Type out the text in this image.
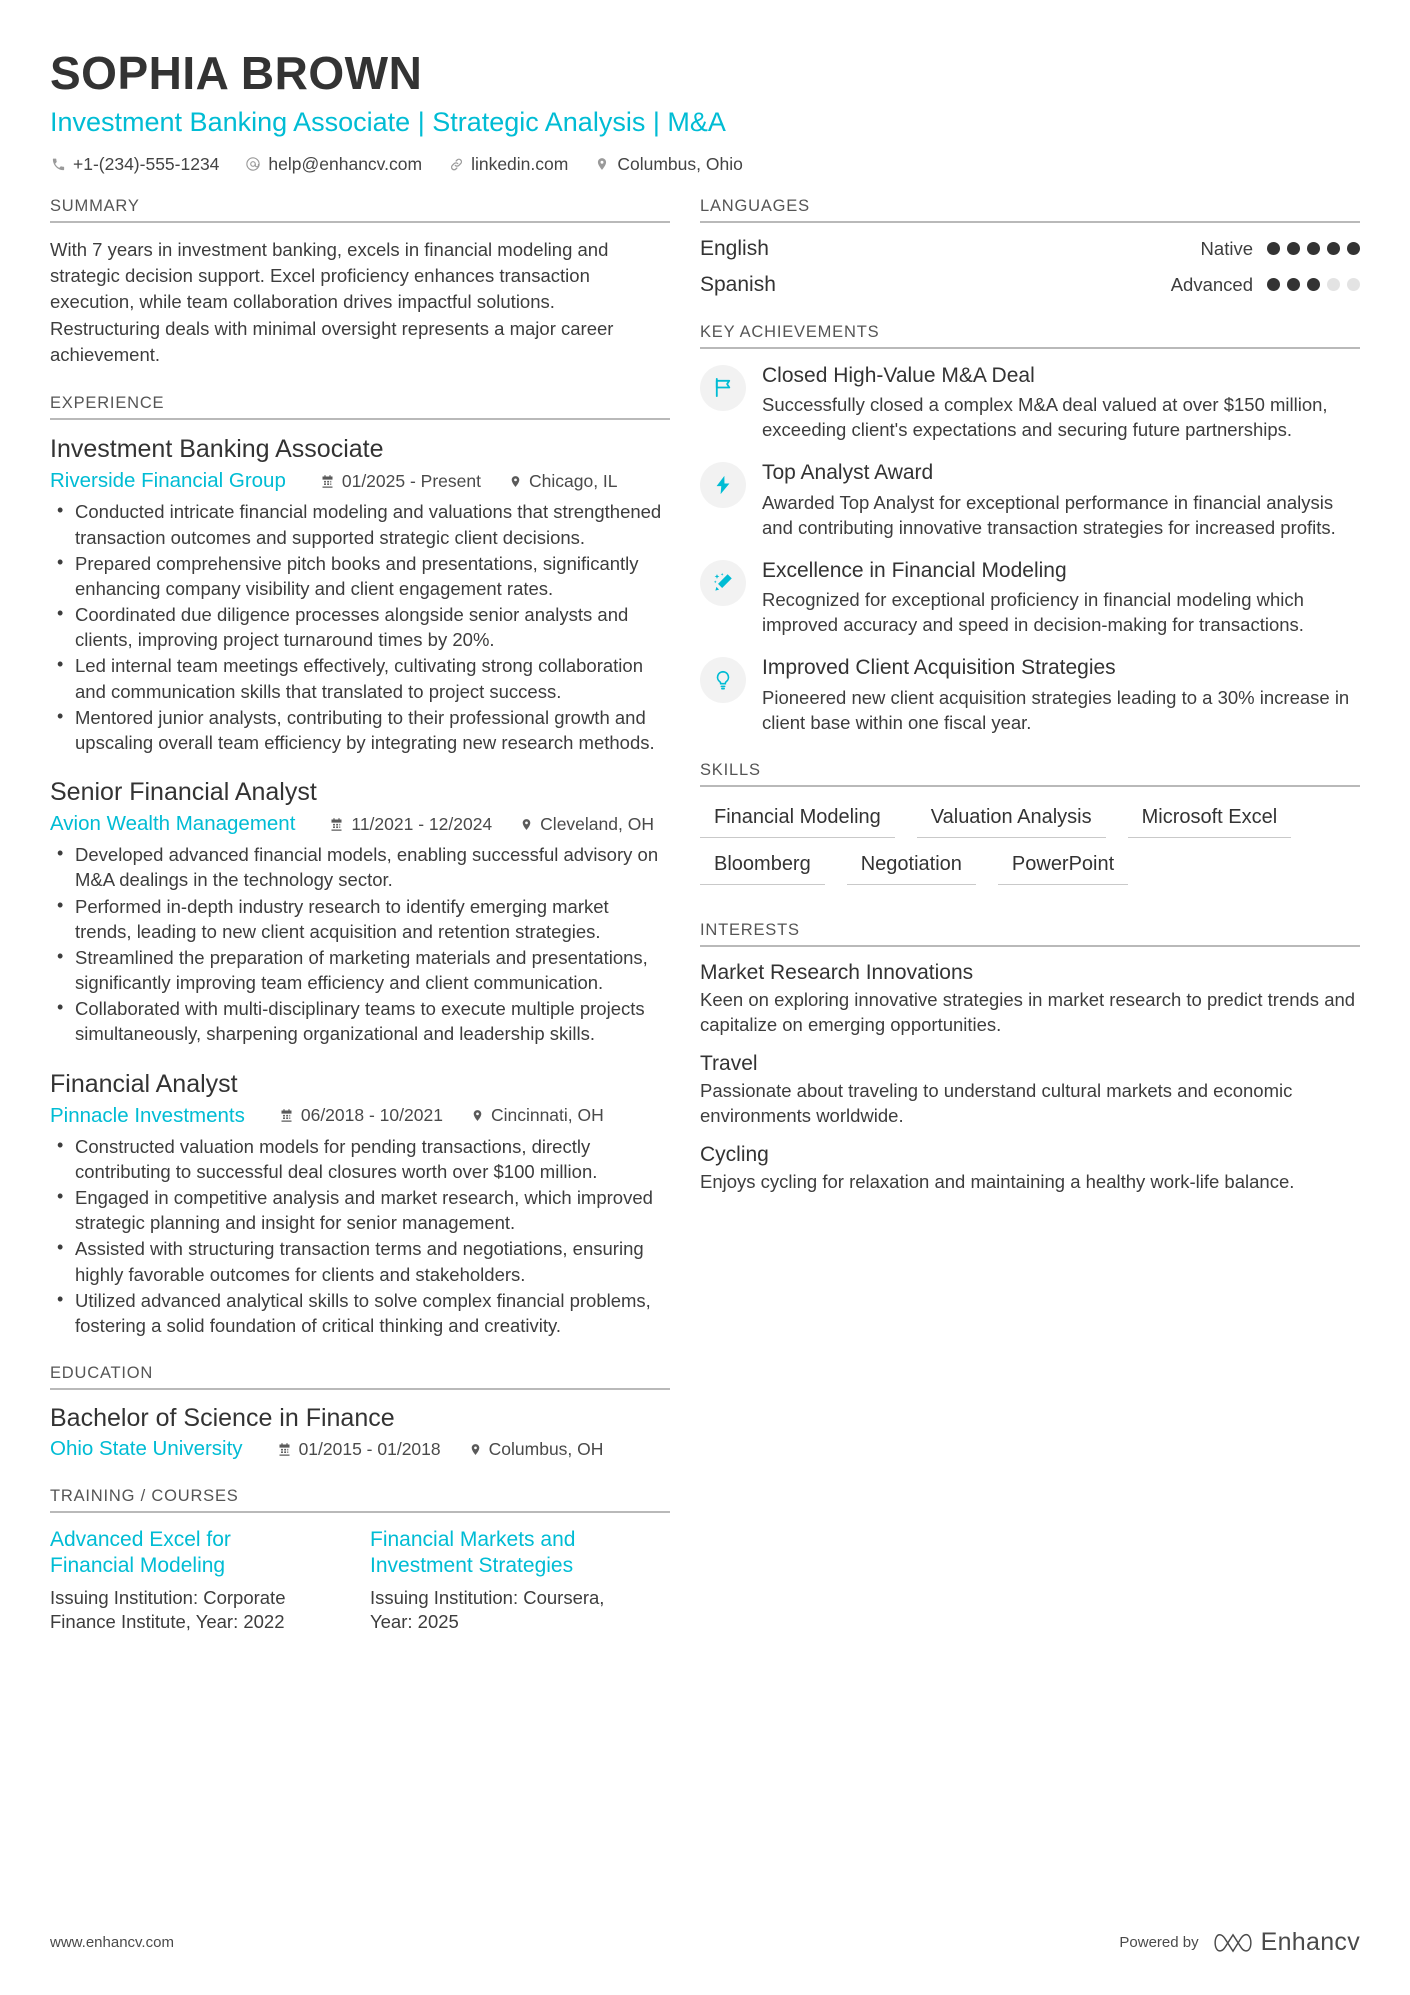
SOPHIA BROWN
Investment Banking Associate | Strategic Analysis | M&A
+1-(234)-555-1234	help@enhancv.com	linkedin.com	Columbus, Ohio
SUMMARY
With 7 years in investment banking, excels in financial modeling and strategic decision support. Excel proficiency enhances transaction execution, while team collaboration drives impactful solutions. Restructuring deals with minimal oversight represents a major career achievement.
EXPERIENCE
Investment Banking Associate
Riverside Financial Group	01/2025 - Present	Chicago, IL
• Conducted intricate financial modeling and valuations that strengthened transaction outcomes and supported strategic client decisions.
• Prepared comprehensive pitch books and presentations, significantly enhancing company visibility and client engagement rates.
• Coordinated due diligence processes alongside senior analysts and clients, improving project turnaround times by 20%.
• Led internal team meetings effectively, cultivating strong collaboration and communication skills that translated to project success.
• Mentored junior analysts, contributing to their professional growth and upscaling overall team efficiency by integrating new research methods.
Senior Financial Analyst
Avion Wealth Management	11/2021 - 12/2024	Cleveland, OH
• Developed advanced financial models, enabling successful advisory on M&A dealings in the technology sector.
• Performed in-depth industry research to identify emerging market trends, leading to new client acquisition and retention strategies.
• Streamlined the preparation of marketing materials and presentations, significantly improving team efficiency and client communication.
• Collaborated with multi-disciplinary teams to execute multiple projects simultaneously, sharpening organizational and leadership skills.
Financial Analyst
Pinnacle Investments	06/2018 - 10/2021	Cincinnati, OH
• Constructed valuation models for pending transactions, directly contributing to successful deal closures worth over $100 million.
• Engaged in competitive analysis and market research, which improved strategic planning and insight for senior management.
• Assisted with structuring transaction terms and negotiations, ensuring highly favorable outcomes for clients and stakeholders.
• Utilized advanced analytical skills to solve complex financial problems, fostering a solid foundation of critical thinking and creativity.
EDUCATION
Bachelor of Science in Finance
Ohio State University	01/2015 - 01/2018	Columbus, OH
TRAINING / COURSES
Advanced Excel for Financial Modeling
Issuing Institution: Corporate Finance Institute, Year: 2022
Financial Markets and Investment Strategies
Issuing Institution: Coursera, Year: 2025
LANGUAGES
English	Native
Spanish	Advanced
KEY ACHIEVEMENTS
Closed High-Value M&A Deal
Successfully closed a complex M&A deal valued at over $150 million, exceeding client's expectations and securing future partnerships.
Top Analyst Award
Awarded Top Analyst for exceptional performance in financial analysis and contributing innovative transaction strategies for increased profits.
Excellence in Financial Modeling
Recognized for exceptional proficiency in financial modeling which improved accuracy and speed in decision-making for transactions.
Improved Client Acquisition Strategies
Pioneered new client acquisition strategies leading to a 30% increase in client base within one fiscal year.
SKILLS
Financial Modeling	Valuation Analysis	Microsoft Excel
Bloomberg	Negotiation	PowerPoint
INTERESTS
Market Research Innovations
Keen on exploring innovative strategies in market research to predict trends and capitalize on emerging opportunities.
Travel
Passionate about traveling to understand cultural markets and economic environments worldwide.
Cycling
Enjoys cycling for relaxation and maintaining a healthy work-life balance.
www.enhancv.com	Powered by Enhancv
